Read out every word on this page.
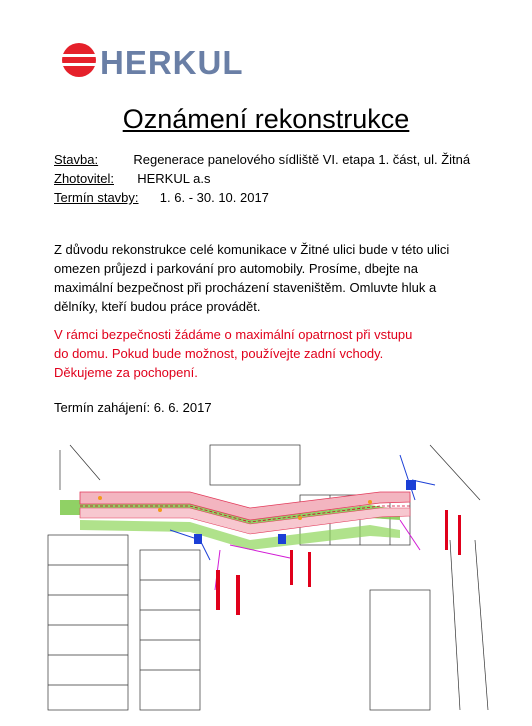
HERKUL
Oznámení rekonstrukce
Stavba:	Regenerace panelového sídliště VI. etapa 1. část, ul. Žitná
Zhotovitel: HERKUL a.s
Termín stavby: 1. 6. - 30. 10. 2017
Z důvodu rekonstrukce celé komunikace v Žitné ulici bude v této ulici
omezen průjezd i parkování pro automobily. Prosíme, dbejte na
maximální bezpečnost při procházení staveništěm. Omluvte hluk a
dělníky, kteří budou práce provádět.
V rámci bezpečnosti žádáme o maximální opatrnost při vstupu
do domu. Pokud bude možnost, používejte zadní vchody.
Děkujeme za pochopení.
Termín zahájení: 6. 6. 2017
